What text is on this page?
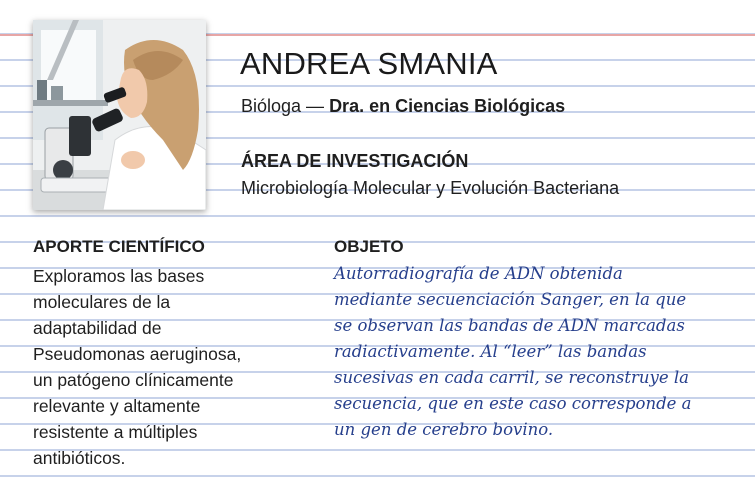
ANDREA SMANIA
Bióloga — Dra. en Ciencias Biológicas
ÁREA DE INVESTIGACIÓN
Microbiología Molecular y Evolución Bacteriana
APORTE CIENTÍFICO
Exploramos las bases
moleculares de la
adaptabilidad de
Pseudomonas aeruginosa,
un patógeno clínicamente
relevante y altamente
resistente a múltiples
antibióticos.
OBJETO
Autorradiografía de ADN obtenida
mediante secuenciación Sanger, en la que
se observan las bandas de ADN marcadas
radiactivamente. Al “leer” las bandas
sucesivas en cada carril, se reconstruye la
secuencia, que en este caso corresponde a
un gen de cerebro bovino.
